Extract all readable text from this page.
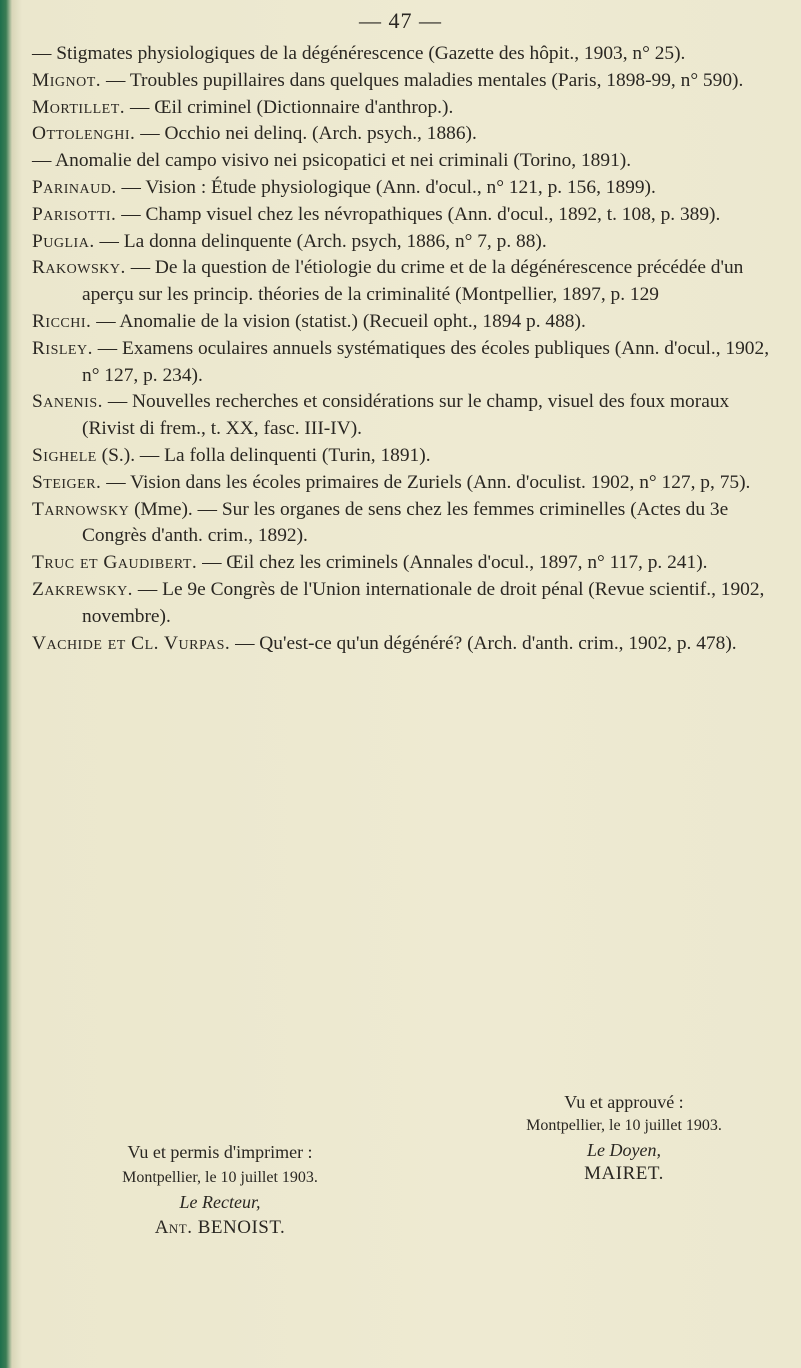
— 47 —

— Stigmates physiologiques de la dégénérescence (Gazette des hôpit., 1903, n° 25).

Mignot. — Troubles pupillaires dans quelques maladies mentales (Paris, 1898-99, n° 590).

Mortillet. — Œil criminel (Dictionnaire d'anthrop.).

Ottolenghi. — Occhio nei delinq. (Arch. psych., 1886).

— Anomalie del campo visivo nei psicopatici et nei criminali (Torino, 1891).

Parinaud. — Vision : Étude physiologique (Ann. d'ocul., n° 121, p. 156, 1899).

Parisotti. — Champ visuel chez les névropathiques (Ann. d'ocul., 1892, t. 108, p. 389).

Puglia. — La donna delinquente (Arch. psych, 1886, n° 7, p. 88).

Rakowsky. — De la question de l'étiologie du crime et de la dégénérescence précédée d'un aperçu sur les princip. théories de la criminalité (Montpellier, 1897, p. 129

Ricchi. — Anomalie de la vision (statist.) (Recueil opht., 1894 p. 488).

Risley. — Examens oculaires annuels systématiques des écoles publiques (Ann. d'ocul., 1902, n° 127, p. 234).

Sanenis. — Nouvelles recherches et considérations sur le champ, visuel des foux moraux (Rivist di frem., t. XX, fasc. III-IV).

Sighele (S.). — La folla delinquenti (Turin, 1891).

Steiger. — Vision dans les écoles primaires de Zuriels (Ann. d'oculist. 1902, n° 127, p, 75).

Tarnowsky (Mme). — Sur les organes de sens chez les femmes criminelles (Actes du 3e Congrès d'anth. crim., 1892).

Truc et Gaudibert. — Œil chez les criminels (Annales d'ocul., 1897, n° 117, p. 241).

Zakrewsky. — Le 9e Congrès de l'Union internationale de droit pénal (Revue scientif., 1902, novembre).

Vachide et Cl. Vurpas. — Qu'est-ce qu'un dégénéré? (Arch. d'anth. crim., 1902, p. 478).

Vu et approuvé :
Montpellier, le 10 juillet 1903.
Le Doyen,
MAIRET.
Vu et permis d'imprimer :
Montpellier, le 10 juillet 1903.
Le Recteur,
Ant. BENOIST.
